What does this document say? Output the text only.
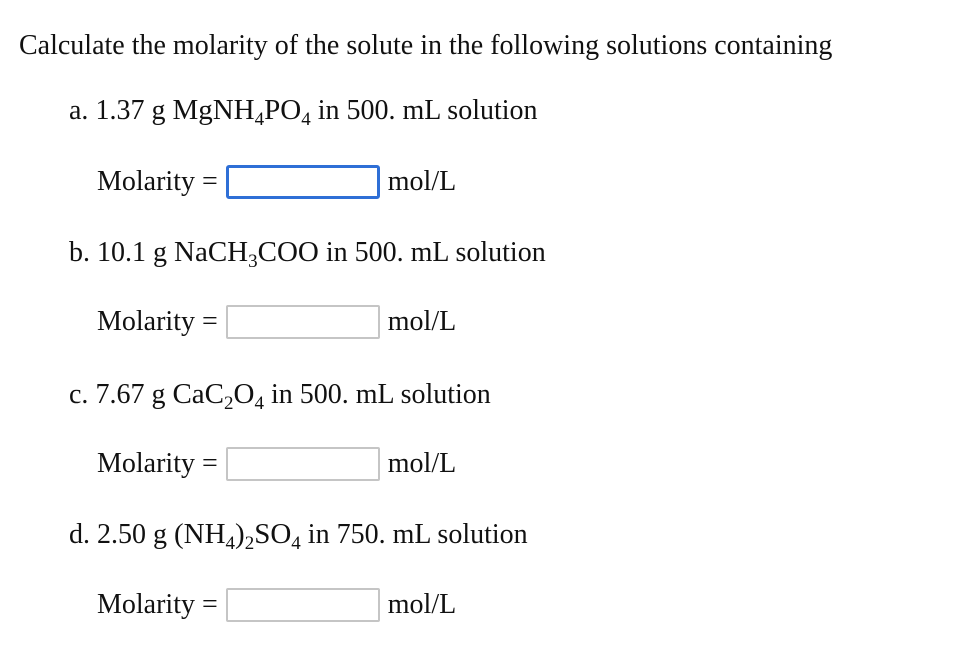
Calculate the molarity of the solute in the following solutions containing
a. 1.37 g $MgNH_4PO_4$ in 500. mL solution
Molarity =	mol/L
b. 10.1 g NaCH$_3$COO in 500. mL solution
Molarity =	mol/L
c. 7.67 g $CaC_2O_4$ in 500. mL solution
Molarity =	mol/L
d. 2.50 g $(NH_4)_2SO_4$ in 750. mL solution
Molarity =	mol/L
